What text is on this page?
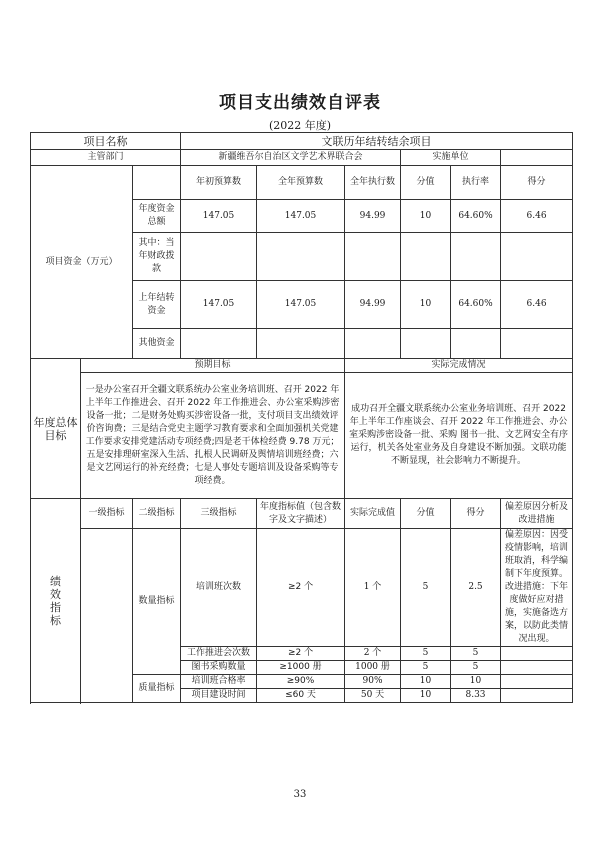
项目支出绩效自评表
(2022 年度)
项目名称			文联历年结转结余项目					
主管部门			新疆维吾尔自治区文学艺术界联合会			实施单位		
项目资金（万元）			年初预算数	全年预算数	全年执行数	分值	执行率	得分
		年度资金总额	147.05	147.05	94.99	10	64.60%	6.46
		其中：当年财政拨款						
		上年结转资金	147.05	147.05	94.99	10	64.60%	6.46
		其他资金						

年度总体目标	预期目标				实际完成情况			
	一是办公室召开全疆文联系统办公室业务培训班、召开 2022 年上半年工作推进会、召开 2022 年工作推进会、办公室采购涉密设备一批；二是财务处购买涉密设备一批，支付项目支出绩效评价咨询费；三是结合党史主题学习教育要求和全面加强机关党建工作要求安排党建活动专项经费;四是老干体检经费 9.78 万元；五是安排理研室深入生活、扎根人民调研及舆情培训班经费；六是文艺网运行的补充经费；七是人事处专题培训及设备采购等专项经费。				成功召开全疆文联系统办公室业务培训班、召开 2022 年上半年工作座谈会、召开 2022 年工作推进会、办公室采购涉密设备一批、采购 图书一批、文艺网安全有序运行，机关各处室业务及自身建设不断加强。文联功能不断显现，社会影响力不断提升。			
绩效指标	一级指标	二级指标	三级指标	年度指标值（包含数字及文字描述）	实际完成值	分值	得分	偏差原因分析及改进措施
		数量指标	培训班次数	≥2 个	1 个	5	2.5	偏差原因：因受疫情影响，培训班取消，科学编制下年度预算。改进措施：下年度做好应对措施，实施备选方案，以防此类情况出现。
			工作推进会次数	≥2 个	2 个	5	5	
			图书采购数量	≥1000 册	1000 册	5	5	
		质量指标	培训班合格率	≥90%	90%	10	10	
			项目建设时间	≤60 天	50 天	10	8.33	

33
